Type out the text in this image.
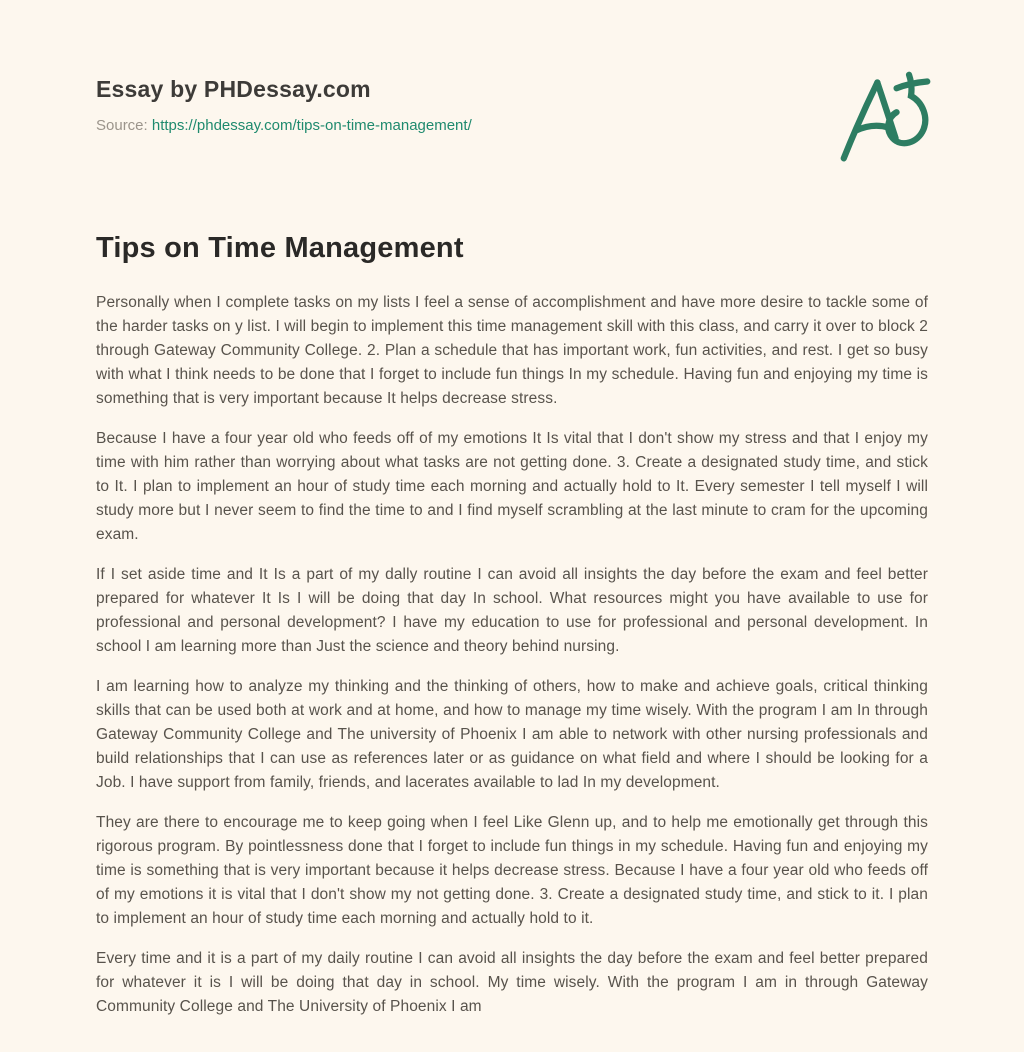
Essay by PHDessay.com
Source: https://phdessay.com/tips-on-time-management/
Tips on Time Management

Personally when I complete tasks on my lists I feel a sense of accomplishment and have more desire to tackle some of the harder tasks on y list. I will begin to implement this time management skill with this class, and carry it over to block 2 through Gateway Community College. 2. Plan a schedule that has important work, fun activities, and rest. I get so busy with what I think needs to be done that I forget to include fun things In my schedule. Having fun and enjoying my time is something that is very important because It helps decrease stress.

Because I have a four year old who feeds off of my emotions It Is vital that I don't show my stress and that I enjoy my time with him rather than worrying about what tasks are not getting done. 3. Create a designated study time, and stick to It. I plan to implement an hour of study time each morning and actually hold to It. Every semester I tell myself I will study more but I never seem to find the time to and I find myself scrambling at the last minute to cram for the upcoming exam.

If I set aside time and It Is a part of my dally routine I can avoid all insights the day before the exam and feel better prepared for whatever It Is I will be doing that day In school. What resources might you have available to use for professional and personal development? I have my education to use for professional and personal development. In school I am learning more than Just the science and theory behind nursing.

I am learning how to analyze my thinking and the thinking of others, how to make and achieve goals, critical thinking skills that can be used both at work and at home, and how to manage my time wisely. With the program I am In through Gateway Community College and The university of Phoenix I am able to network with other nursing professionals and build relationships that I can use as references later or as guidance on what field and where I should be looking for a Job. I have support from family, friends, and lacerates available to lad In my development.

They are there to encourage me to keep going when I feel Like Glenn up, and to help me emotionally get through this rigorous program. By pointlessness done that I forget to include fun things in my schedule. Having fun and enjoying my time is something that is very important because it helps decrease stress. Because I have a four year old who feeds off of my emotions it is vital that I don't show my not getting done. 3. Create a designated study time, and stick to it. I plan to implement an hour of study time each morning and actually hold to it.

Every time and it is a part of my daily routine I can avoid all insights the day before the exam and feel better prepared for whatever it is I will be doing that day in school. My time wisely. With the program I am in through Gateway Community College and The University of Phoenix I am
